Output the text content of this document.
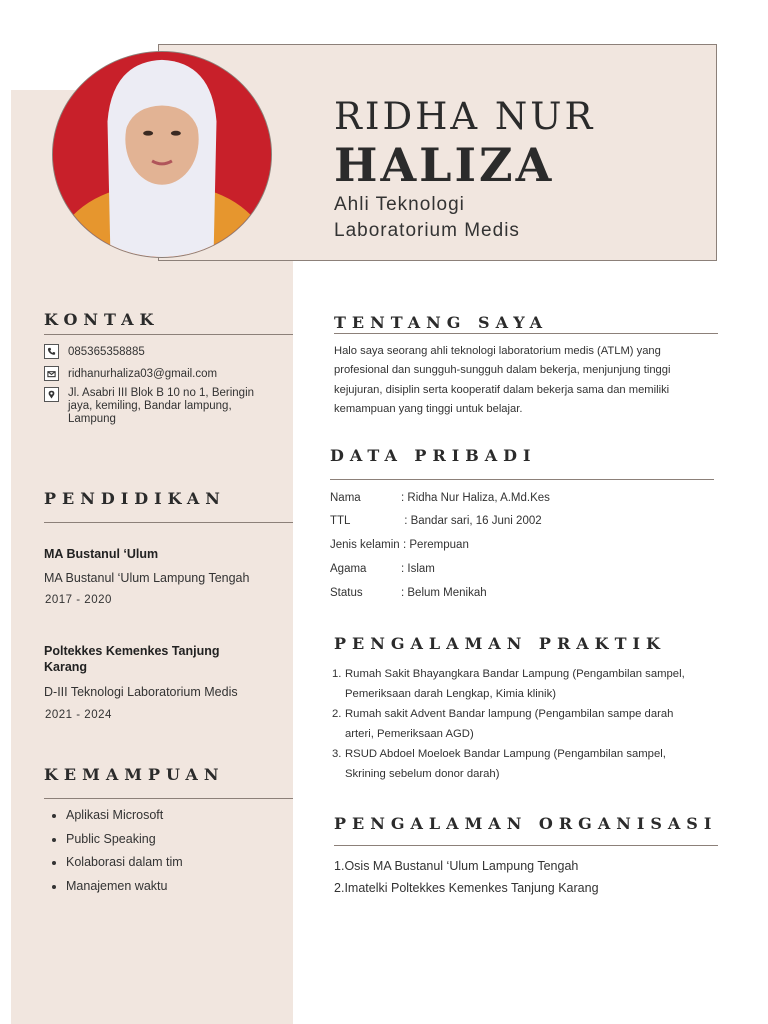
RIDHA NUR
HALIZA
Ahli Teknologi
Laboratorium Medis
KONTAK
085365358885
ridhanurhaliza03@gmail.com
Jl. Asabri III Blok B 10 no 1, Beringin
jaya, kemiling, Bandar lampung,
Lampung
PENDIDIKAN
MA Bustanul ‘Ulum
MA Bustanul ‘Ulum Lampung Tengah
2017 - 2020
Poltekkes Kemenkes Tanjung Karang
D-III Teknologi Laboratorium Medis
2021 - 2024
KEMAMPUAN
• Aplikasi Microsoft
• Public Speaking
• Kolaborasi dalam tim
• Manajemen waktu
TENTANG SAYA
Halo saya seorang ahli teknologi laboratorium medis (ATLM) yang
profesional dan sungguh-sungguh dalam bekerja, menjunjung tinggi
kejujuran, disiplin serta kooperatif dalam bekerja sama dan memiliki
kemampuan yang tinggi untuk belajar.
DATA PRIBADI
Nama	: Ridha Nur Haliza, A.Md.Kes
TTL	: Bandar sari, 16 Juni 2002
Jenis kelamin : Perempuan
Agama	: Islam
Status	: Belum Menikah
PENGALAMAN PRAKTIK
1. Rumah Sakit Bhayangkara Bandar Lampung (Pengambilan sampel,
Pemeriksaan darah Lengkap, Kimia klinik)
2. Rumah sakit Advent Bandar lampung (Pengambilan sampe darah
arteri, Pemeriksaan AGD)
3. RSUD Abdoel Moeloek Bandar Lampung (Pengambilan sampel,
Skrining sebelum donor darah)
PENGALAMAN ORGANISASI
1.Osis MA Bustanul ‘Ulum Lampung Tengah
2.Imatelki Poltekkes Kemenkes Tanjung Karang
